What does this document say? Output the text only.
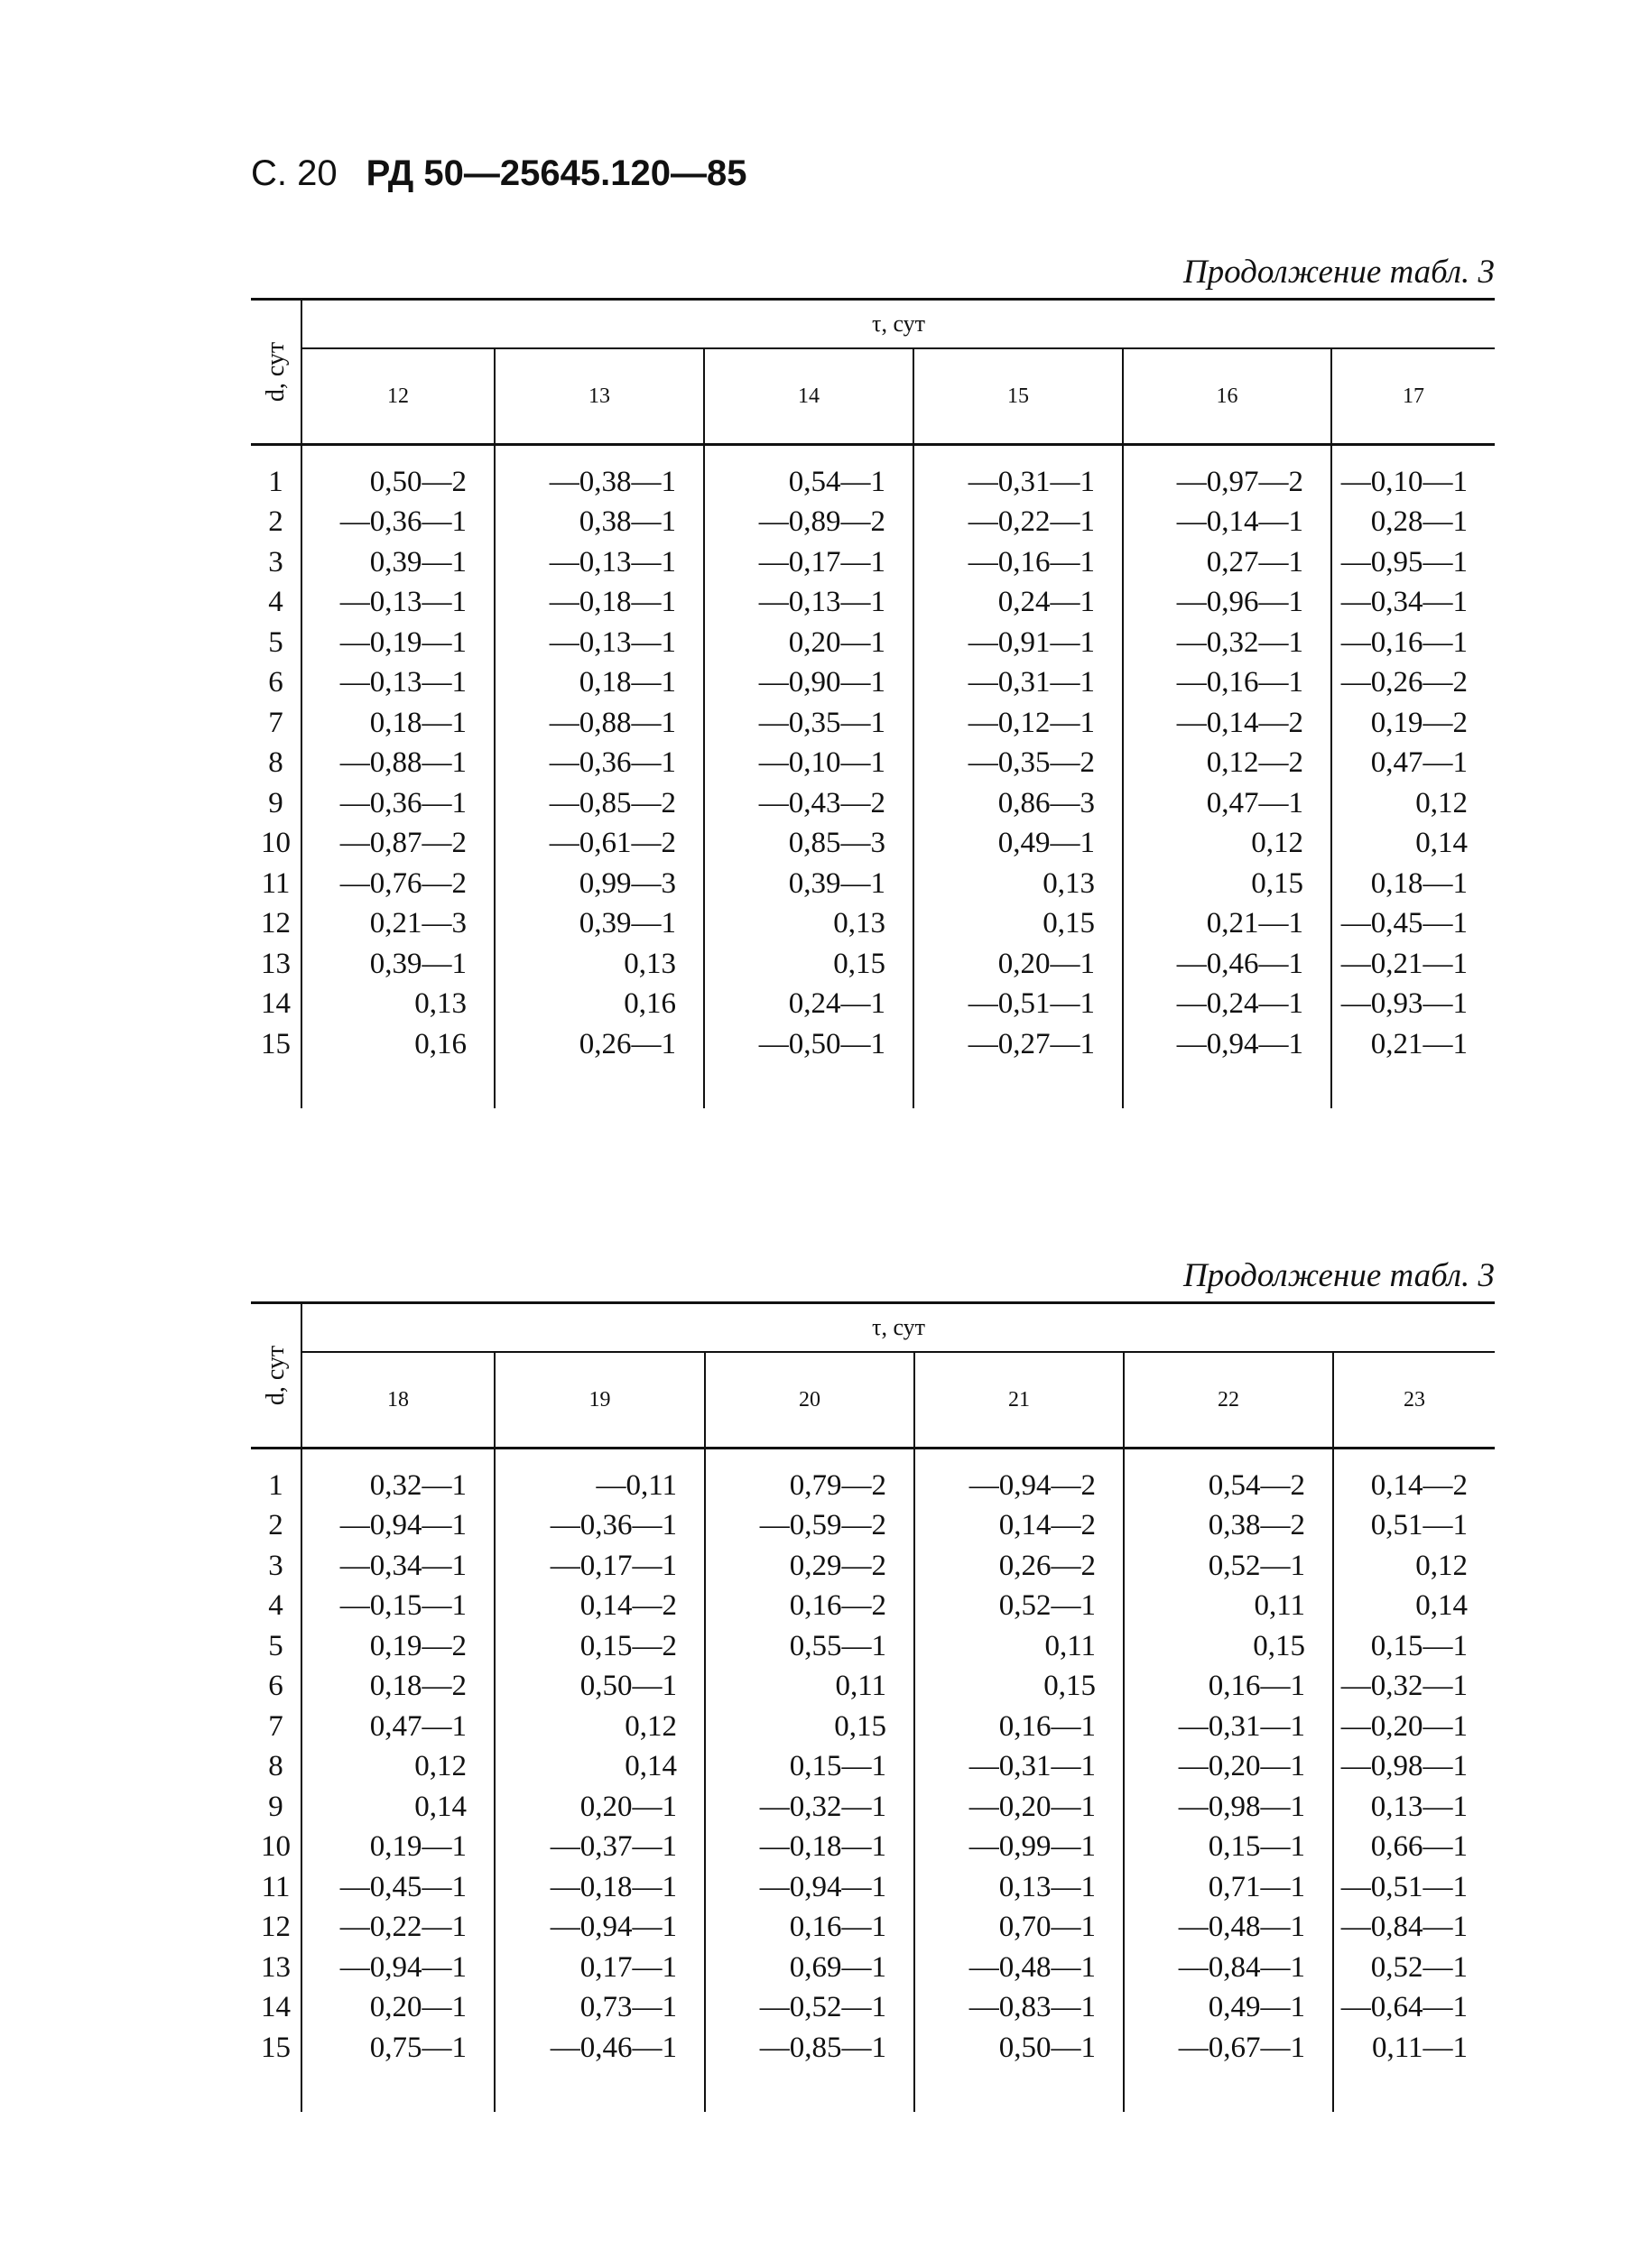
С. 20 РД 50—25645.120—85
Продолжение табл. 3
d, сут	τ, сут					
	12	13	14	15	16	17

1	0,50—2	—0,38—1	0,54—1	—0,31—1	—0,97—2	—0,10—1
2	—0,36—1	0,38—1	—0,89—2	—0,22—1	—0,14—1	0,28—1
3	0,39—1	—0,13—1	—0,17—1	—0,16—1	0,27—1	—0,95—1
4	—0,13—1	—0,18—1	—0,13—1	0,24—1	—0,96—1	—0,34—1
5	—0,19—1	—0,13—1	0,20—1	—0,91—1	—0,32—1	—0,16—1
6	—0,13—1	0,18—1	—0,90—1	—0,31—1	—0,16—1	—0,26—2
7	0,18—1	—0,88—1	—0,35—1	—0,12—1	—0,14—2	0,19—2
8	—0,88—1	—0,36—1	—0,10—1	—0,35—2	0,12—2	0,47—1
9	—0,36—1	—0,85—2	—0,43—2	0,86—3	0,47—1	0,12
10	—0,87—2	—0,61—2	0,85—3	0,49—1	0,12	0,14
11	—0,76—2	0,99—3	0,39—1	0,13	0,15	0,18—1
12	0,21—3	0,39—1	0,13	0,15	0,21—1	—0,45—1
13	0,39—1	0,13	0,15	0,20—1	—0,46—1	—0,21—1
14	0,13	0,16	0,24—1	—0,51—1	—0,24—1	—0,93—1
15	0,16	0,26—1	—0,50—1	—0,27—1	—0,94—1	0,21—1

Продолжение табл. 3
d, сут	τ, сут					
	18	19	20	21	22	23

1	0,32—1	—0,11	0,79—2	—0,94—2	0,54—2	0,14—2
2	—0,94—1	—0,36—1	—0,59—2	0,14—2	0,38—2	0,51—1
3	—0,34—1	—0,17—1	0,29—2	0,26—2	0,52—1	0,12
4	—0,15—1	0,14—2	0,16—2	0,52—1	0,11	0,14
5	0,19—2	0,15—2	0,55—1	0,11	0,15	0,15—1
6	0,18—2	0,50—1	0,11	0,15	0,16—1	—0,32—1
7	0,47—1	0,12	0,15	0,16—1	—0,31—1	—0,20—1
8	0,12	0,14	0,15—1	—0,31—1	—0,20—1	—0,98—1
9	0,14	0,20—1	—0,32—1	—0,20—1	—0,98—1	0,13—1
10	0,19—1	—0,37—1	—0,18—1	—0,99—1	0,15—1	0,66—1
11	—0,45—1	—0,18—1	—0,94—1	0,13—1	0,71—1	—0,51—1
12	—0,22—1	—0,94—1	0,16—1	0,70—1	—0,48—1	—0,84—1
13	—0,94—1	0,17—1	0,69—1	—0,48—1	—0,84—1	0,52—1
14	0,20—1	0,73—1	—0,52—1	—0,83—1	0,49—1	—0,64—1
15	0,75—1	—0,46—1	—0,85—1	0,50—1	—0,67—1	0,11—1
